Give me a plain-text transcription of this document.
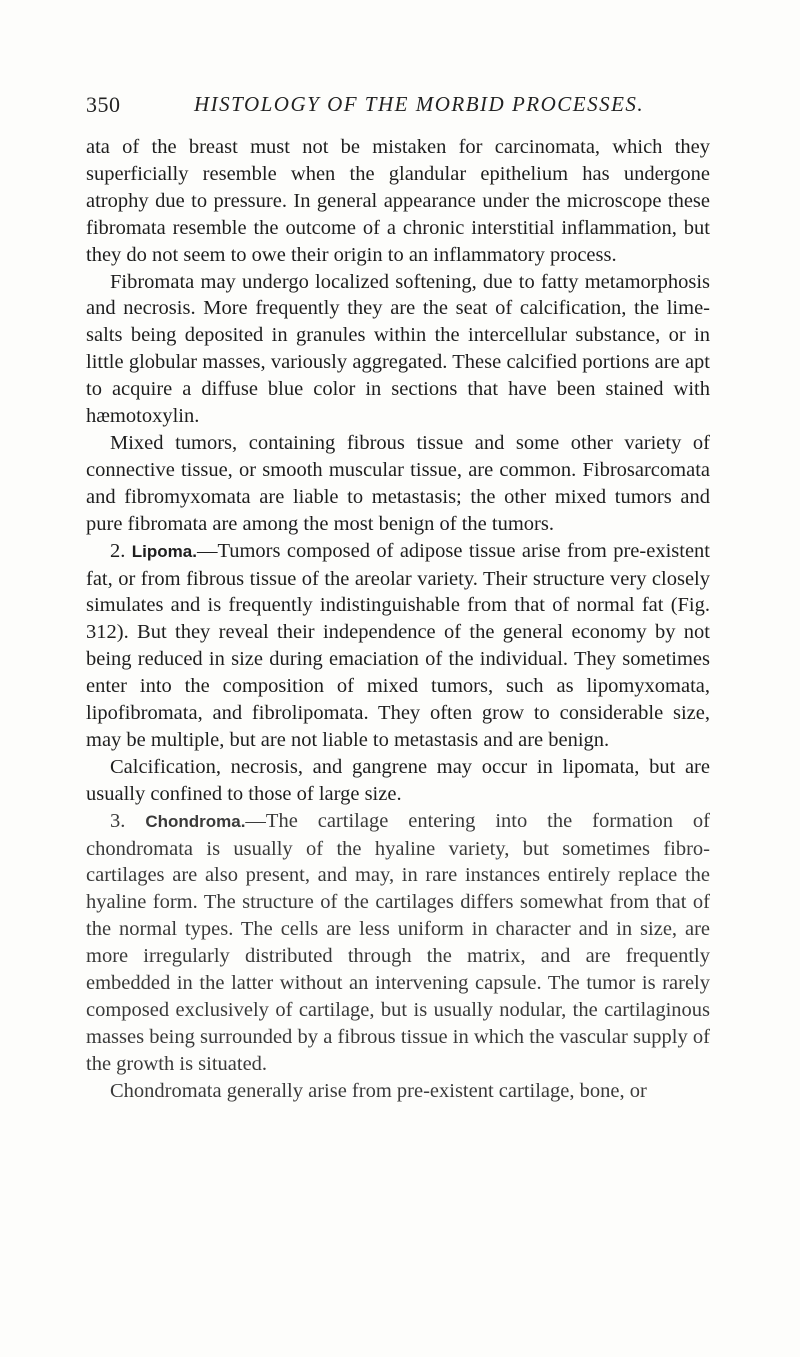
350	HISTOLOGY OF THE MORBID PROCESSES.

ata of the breast must not be mistaken for carcinomata, which they superficially resemble when the glandular epithelium has undergone atrophy due to pressure. In general appearance under the microscope these fibromata resemble the outcome of a chronic interstitial inflammation, but they do not seem to owe their origin to an inflammatory process.

Fibromata may undergo localized softening, due to fatty metamorphosis and necrosis. More frequently they are the seat of calcification, the lime-salts being deposited in granules within the intercellular substance, or in little globular masses, variously aggregated. These calcified portions are apt to acquire a diffuse blue color in sections that have been stained with hæmotoxylin.

Mixed tumors, containing fibrous tissue and some other variety of connective tissue, or smooth muscular tissue, are common. Fibrosarcomata and fibromyxomata are liable to metastasis; the other mixed tumors and pure fibromata are among the most benign of the tumors.

2. Lipoma.—Tumors composed of adipose tissue arise from pre-existent fat, or from fibrous tissue of the areolar variety. Their structure very closely simulates and is frequently indistinguishable from that of normal fat (Fig. 312). But they reveal their independence of the general economy by not being reduced in size during emaciation of the individual. They sometimes enter into the composition of mixed tumors, such as lipomyxomata, lipofibromata, and fibrolipomata. They often grow to considerable size, may be multiple, but are not liable to metastasis and are benign.

Calcification, necrosis, and gangrene may occur in lipomata, but are usually confined to those of large size.

3. Chondroma.—The cartilage entering into the formation of chondromata is usually of the hyaline variety, but sometimes fibro-cartilages are also present, and may, in rare instances entirely replace the hyaline form. The structure of the cartilages differs somewhat from that of the normal types. The cells are less uniform in character and in size, are more irregularly distributed through the matrix, and are frequently embedded in the latter without an intervening capsule. The tumor is rarely composed exclusively of cartilage, but is usually nodular, the cartilaginous masses being surrounded by a fibrous tissue in which the vascular supply of the growth is situated.

Chondromata generally arise from pre-existent cartilage, bone, or
